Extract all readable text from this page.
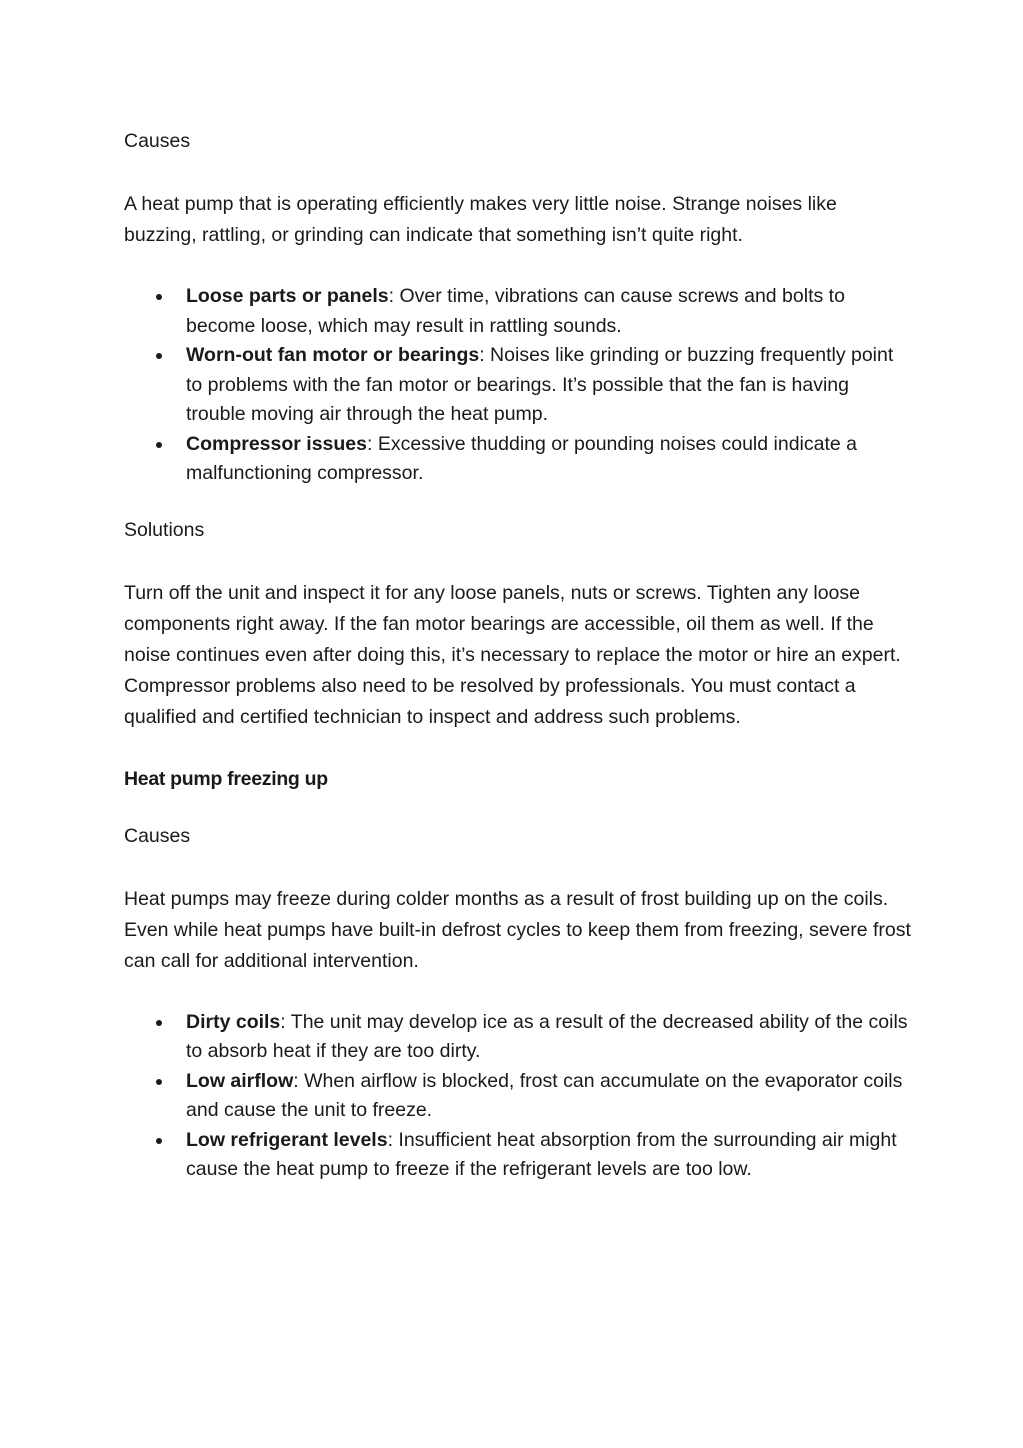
Causes

A heat pump that is operating efficiently makes very little noise. Strange noises like buzzing, rattling, or grinding can indicate that something isn’t quite right.

Loose parts or panels: Over time, vibrations can cause screws and bolts to become loose, which may result in rattling sounds.
Worn-out fan motor or bearings: Noises like grinding or buzzing frequently point to problems with the fan motor or bearings. It’s possible that the fan is having trouble moving air through the heat pump.
Compressor issues: Excessive thudding or pounding noises could indicate a malfunctioning compressor.

Solutions

Turn off the unit and inspect it for any loose panels, nuts or screws. Tighten any loose components right away. If the fan motor bearings are accessible, oil them as well. If the noise continues even after doing this, it’s necessary to replace the motor or hire an expert. Compressor problems also need to be resolved by professionals. You must contact a qualified and certified technician to inspect and address such problems.

Heat pump freezing up

Causes

Heat pumps may freeze during colder months as a result of frost building up on the coils. Even while heat pumps have built-in defrost cycles to keep them from freezing, severe frost can call for additional intervention.

Dirty coils: The unit may develop ice as a result of the decreased ability of the coils to absorb heat if they are too dirty.
Low airflow: When airflow is blocked, frost can accumulate on the evaporator coils and cause the unit to freeze.
Low refrigerant levels: Insufficient heat absorption from the surrounding air might cause the heat pump to freeze if the refrigerant levels are too low.
